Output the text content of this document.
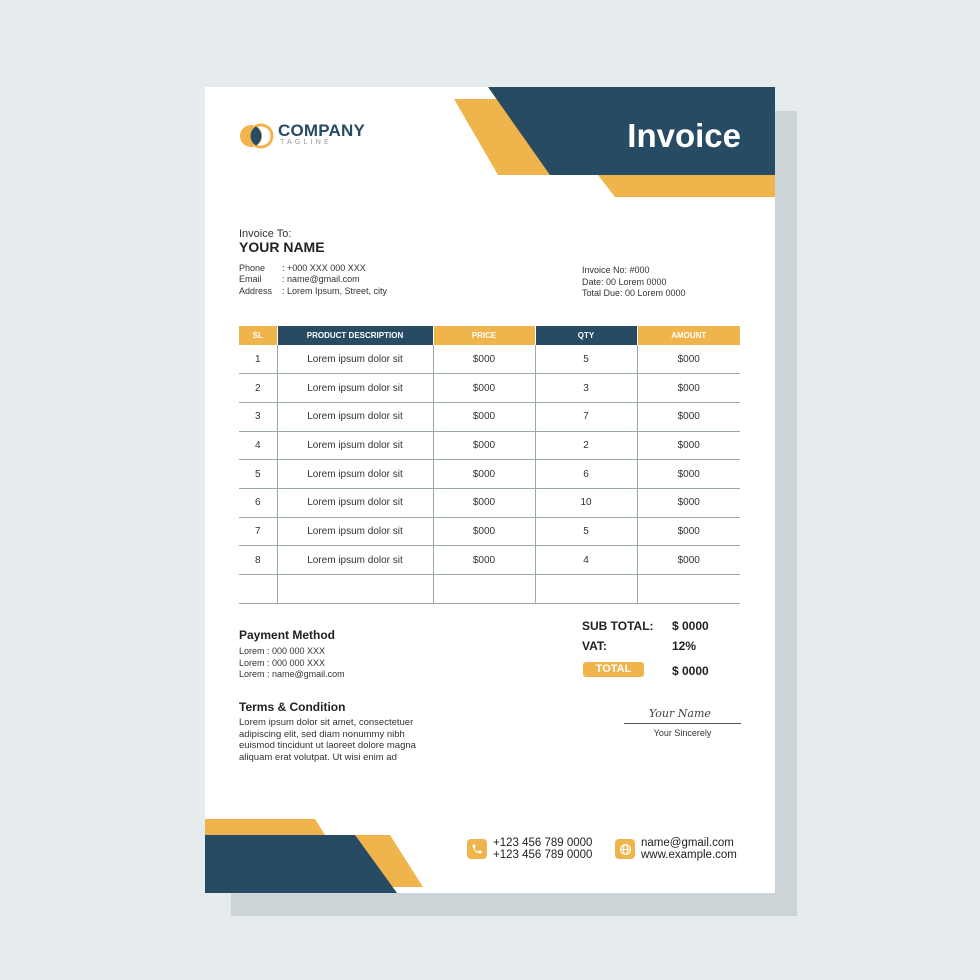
COMPANY
TAGLINE	Invoice
Invoice To:
YOUR NAME
Phone : +000 XXX 000 XXX
Email : name@gmail.com
Address : Lorem Ipsum, Street, city
Invoice No: #000
Date: 00 Lorem 0000
Total Due: 00 Lorem 0000
SL	PRODUCT DESCRIPTION	PRICE	QTY	AMOUNT
1	Lorem ipsum dolor sit	$000	5	$000
2	Lorem ipsum dolor sit	$000	3	$000
3	Lorem ipsum dolor sit	$000	7	$000
4	Lorem ipsum dolor sit	$000	2	$000
5	Lorem ipsum dolor sit	$000	6	$000
6	Lorem ipsum dolor sit	$000	10	$000
7	Lorem ipsum dolor sit	$000	5	$000
8	Lorem ipsum dolor sit	$000	4	$000

Payment Method
Lorem : 000 000 XXX
Lorem : 000 000 XXX
Lorem : name@gmail.com
Terms & Condition
Lorem ipsum dolor sit amet, consectetuer adipiscing elit, sed diam nonummy nibh euismod tincidunt ut laoreet dolore magna aliquam erat volutpat. Ut wisi enim ad
SUB TOTAL: $ 0000
VAT:	12%
TOTAL	$ 0000
Your Name
Your Sincerely
+123 456 789 0000
+123 456 789 0000
name@gmail.com
www.example.com
